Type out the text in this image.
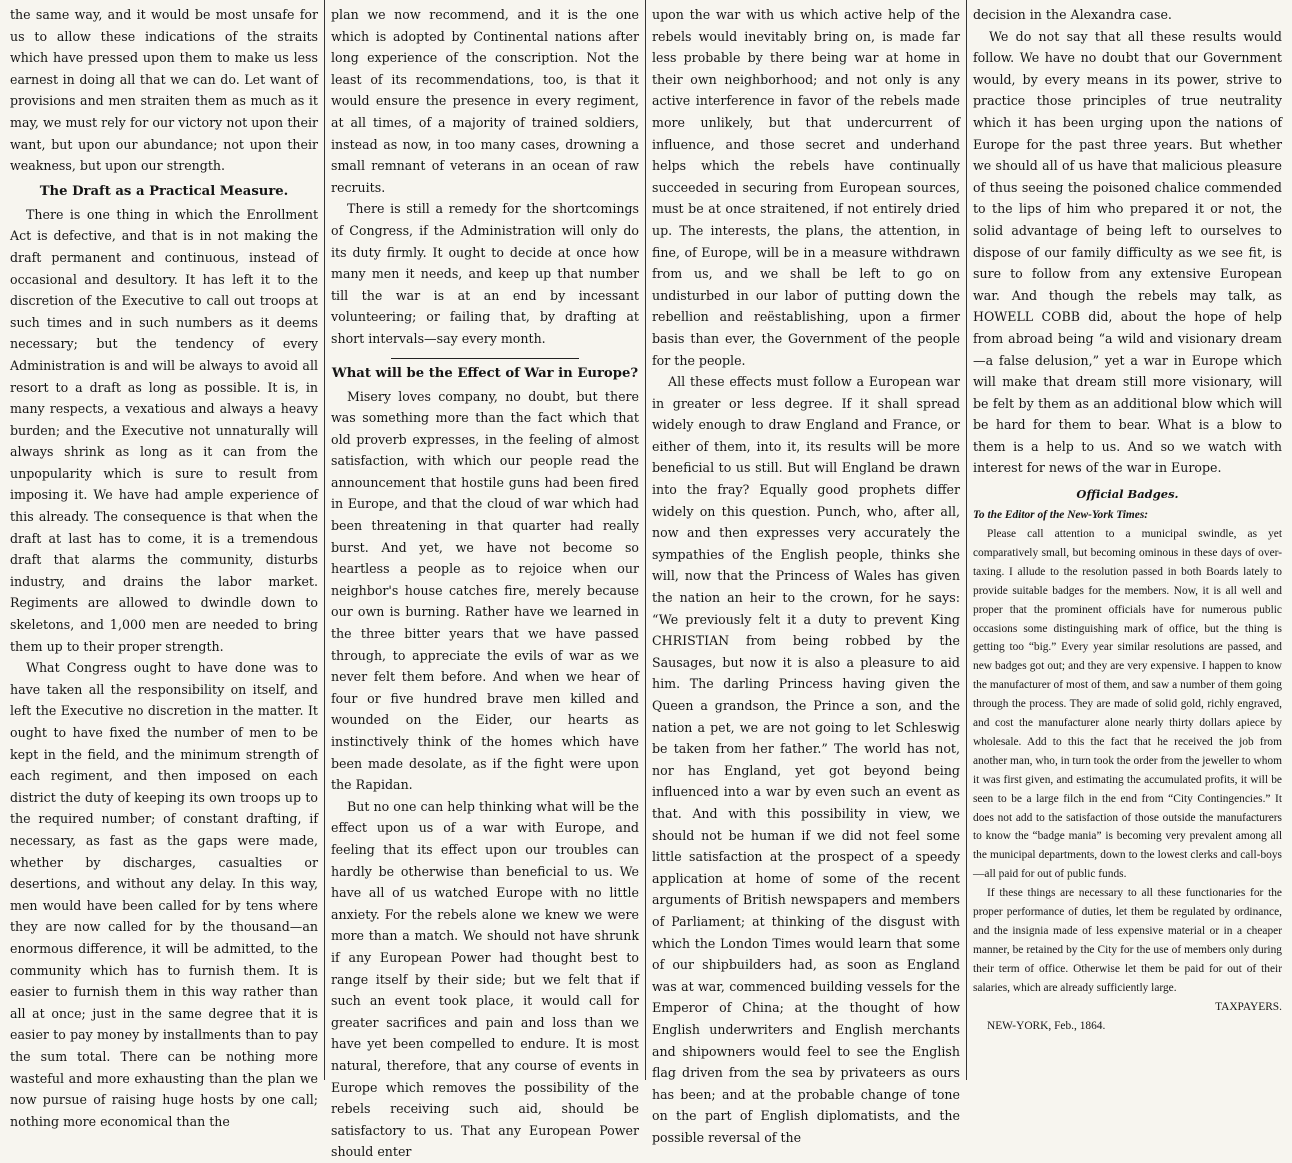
the same way, and it would be most unsafe for us to allow these indications of the straits which have pressed upon them to make us less earnest in doing all that we can do. Let want of provisions and men straiten them as much as it may, we must rely for our victory not upon their want, but upon our abundance; not upon their weakness, but upon our strength.

The Draft as a Practical Measure.

There is one thing in which the Enrollment Act is defective, and that is in not making the draft permanent and continuous, instead of occasional and desultory. It has left it to the discretion of the Executive to call out troops at such times and in such numbers as it deems necessary; but the tendency of every Administration is and will be always to avoid all resort to a draft as long as possible. It is, in many respects, a vexatious and always a heavy burden; and the Executive not unnaturally will always shrink as long as it can from the unpopularity which is sure to result from imposing it. We have had ample experience of this already. The consequence is that when the draft at last has to come, it is a tremendous draft that alarms the community, disturbs industry, and drains the labor market. Regiments are allowed to dwindle down to skeletons, and 1,000 men are needed to bring them up to their proper strength.

What Congress ought to have done was to have taken all the responsibility on itself, and left the Executive no discretion in the matter. It ought to have fixed the number of men to be kept in the field, and the minimum strength of each regiment, and then imposed on each district the duty of keeping its own troops up to the required number; of constant drafting, if necessary, as fast as the gaps were made, whether by discharges, casualties or desertions, and without any delay. In this way, men would have been called for by tens where they are now called for by the thousand—an enormous difference, it will be admitted, to the community which has to furnish them. It is easier to furnish them in this way rather than all at once; just in the same degree that it is easier to pay money by installments than to pay the sum total. There can be nothing more wasteful and more exhausting than the plan we now pursue of raising huge hosts by one call; nothing more economical than the

plan we now recommend, and it is the one which is adopted by Continental nations after long experience of the conscription. Not the least of its recommendations, too, is that it would ensure the presence in every regiment, at all times, of a majority of trained soldiers, instead as now, in too many cases, drowning a small remnant of veterans in an ocean of raw recruits.

There is still a remedy for the shortcomings of Congress, if the Administration will only do its duty firmly. It ought to decide at once how many men it needs, and keep up that number till the war is at an end by incessant volunteering; or failing that, by drafting at short intervals—say every month.

What will be the Effect of War in Europe?

Misery loves company, no doubt, but there was something more than the fact which that old proverb expresses, in the feeling of almost satisfaction, with which our people read the announcement that hostile guns had been fired in Europe, and that the cloud of war which had been threatening in that quarter had really burst. And yet, we have not become so heartless a people as to rejoice when our neighbor's house catches fire, merely because our own is burning. Rather have we learned in the three bitter years that we have passed through, to appreciate the evils of war as we never felt them before. And when we hear of four or five hundred brave men killed and wounded on the Eider, our hearts as instinctively think of the homes which have been made desolate, as if the fight were upon the Rapidan.

But no one can help thinking what will be the effect upon us of a war with Europe, and feeling that its effect upon our troubles can hardly be otherwise than beneficial to us. We have all of us watched Europe with no little anxiety. For the rebels alone we knew we were more than a match. We should not have shrunk if any European Power had thought best to range itself by their side; but we felt that if such an event took place, it would call for greater sacrifices and pain and loss than we have yet been compelled to endure. It is most natural, therefore, that any course of events in Europe which removes the possibility of the rebels receiving such aid, should be satisfactory to us. That any European Power should enter

upon the war with us which active help of the rebels would inevitably bring on, is made far less probable by there being war at home in their own neighborhood; and not only is any active interference in favor of the rebels made more unlikely, but that undercurrent of influence, and those secret and underhand helps which the rebels have continually succeeded in securing from European sources, must be at once straitened, if not entirely dried up. The interests, the plans, the attention, in fine, of Europe, will be in a measure withdrawn from us, and we shall be left to go on undisturbed in our labor of putting down the rebellion and reëstablishing, upon a firmer basis than ever, the Government of the people for the people.

All these effects must follow a European war in greater or less degree. If it shall spread widely enough to draw England and France, or either of them, into it, its results will be more beneficial to us still. But will England be drawn into the fray? Equally good prophets differ widely on this question. Punch, who, after all, now and then expresses very accurately the sympathies of the English people, thinks she will, now that the Princess of Wales has given the nation an heir to the crown, for he says: “We previously felt it a duty to prevent King CHRISTIAN from being robbed by the Sausages, but now it is also a pleasure to aid him. The darling Princess having given the Queen a grandson, the Prince a son, and the nation a pet, we are not going to let Schleswig be taken from her father.” The world has not, nor has England, yet got beyond being influenced into a war by even such an event as that. And with this possibility in view, we should not be human if we did not feel some little satisfaction at the prospect of a speedy application at home of some of the recent arguments of British newspapers and members of Parliament; at thinking of the disgust with which the London Times would learn that some of our shipbuilders had, as soon as England was at war, commenced building vessels for the Emperor of China; at the thought of how English underwriters and English merchants and shipowners would feel to see the English flag driven from the sea by privateers as ours has been; and at the probable change of tone on the part of English diplomatists, and the possible reversal of the

decision in the Alexandra case.

We do not say that all these results would follow. We have no doubt that our Government would, by every means in its power, strive to practice those principles of true neutrality which it has been urging upon the nations of Europe for the past three years. But whether we should all of us have that malicious pleasure of thus seeing the poisoned chalice commended to the lips of him who prepared it or not, the solid advantage of being left to ourselves to dispose of our family difficulty as we see fit, is sure to follow from any extensive European war. And though the rebels may talk, as HOWELL COBB did, about the hope of help from abroad being “a wild and visionary dream—a false delusion,” yet a war in Europe which will make that dream still more visionary, will be felt by them as an additional blow which will be hard for them to bear. What is a blow to them is a help to us. And so we watch with interest for news of the war in Europe.

Official Badges.

To the Editor of the New-York Times:

Please call attention to a municipal swindle, as yet comparatively small, but becoming ominous in these days of over-taxing. I allude to the resolution passed in both Boards lately to provide suitable badges for the members. Now, it is all well and proper that the prominent officials have for numerous public occasions some distinguishing mark of office, but the thing is getting too “big.” Every year similar resolutions are passed, and new badges got out; and they are very expensive. I happen to know the manufacturer of most of them, and saw a number of them going through the process. They are made of solid gold, richly engraved, and cost the manufacturer alone nearly thirty dollars apiece by wholesale. Add to this the fact that he received the job from another man, who, in turn took the order from the jeweller to whom it was first given, and estimating the accumulated profits, it will be seen to be a large filch in the end from “City Contingencies.” It does not add to the satisfaction of those outside the manufacturers to know the “badge mania” is becoming very prevalent among all the municipal departments, down to the lowest clerks and call-boys—all paid for out of public funds.

If these things are necessary to all these functionaries for the proper performance of duties, let them be regulated by ordinance, and the insignia made of less expensive material or in a cheaper manner, be retained by the City for the use of members only during their term of office. Otherwise let them be paid for out of their salaries, which are already sufficiently large.

TAXPAYERS.

NEW-YORK, Feb., 1864.
